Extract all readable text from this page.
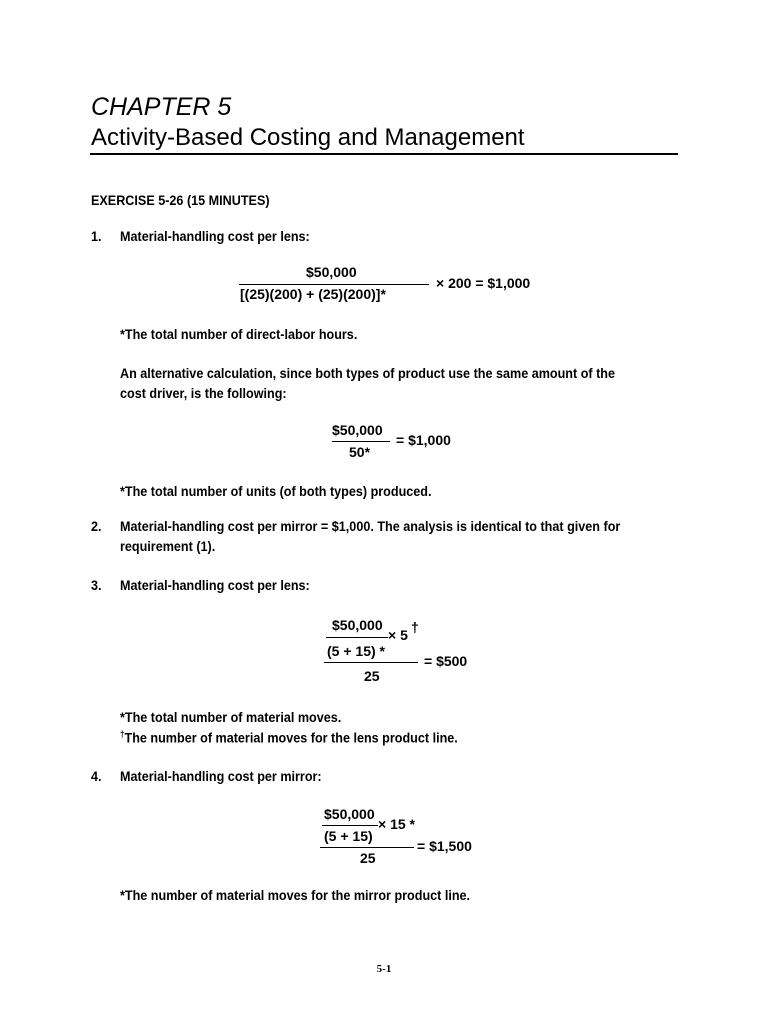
CHAPTER 5
Activity-Based Costing and Management
EXERCISE 5-26 (15 MINUTES)
1. Material-handling cost per lens:
$50,000
[(25)(200) + (25)(200)]*
× 200 = $1,000
*The total number of direct-labor hours.
An alternative calculation, since both types of product use the same amount of the
cost driver, is the following:
$50,000
50*
= $1,000
*The total number of units (of both types) produced.
2. Material-handling cost per mirror = $1,000. The analysis is identical to that given for
requirement (1).
3. Material-handling cost per lens:
$50,000
(5 + 15) *
× 5 †
25
= $500
*The total number of material moves.
†The number of material moves for the lens product line.
4. Material-handling cost per mirror:
$50,000
(5 + 15)
× 15 *
25
= $1,500
*The number of material moves for the mirror product line.
5-1
